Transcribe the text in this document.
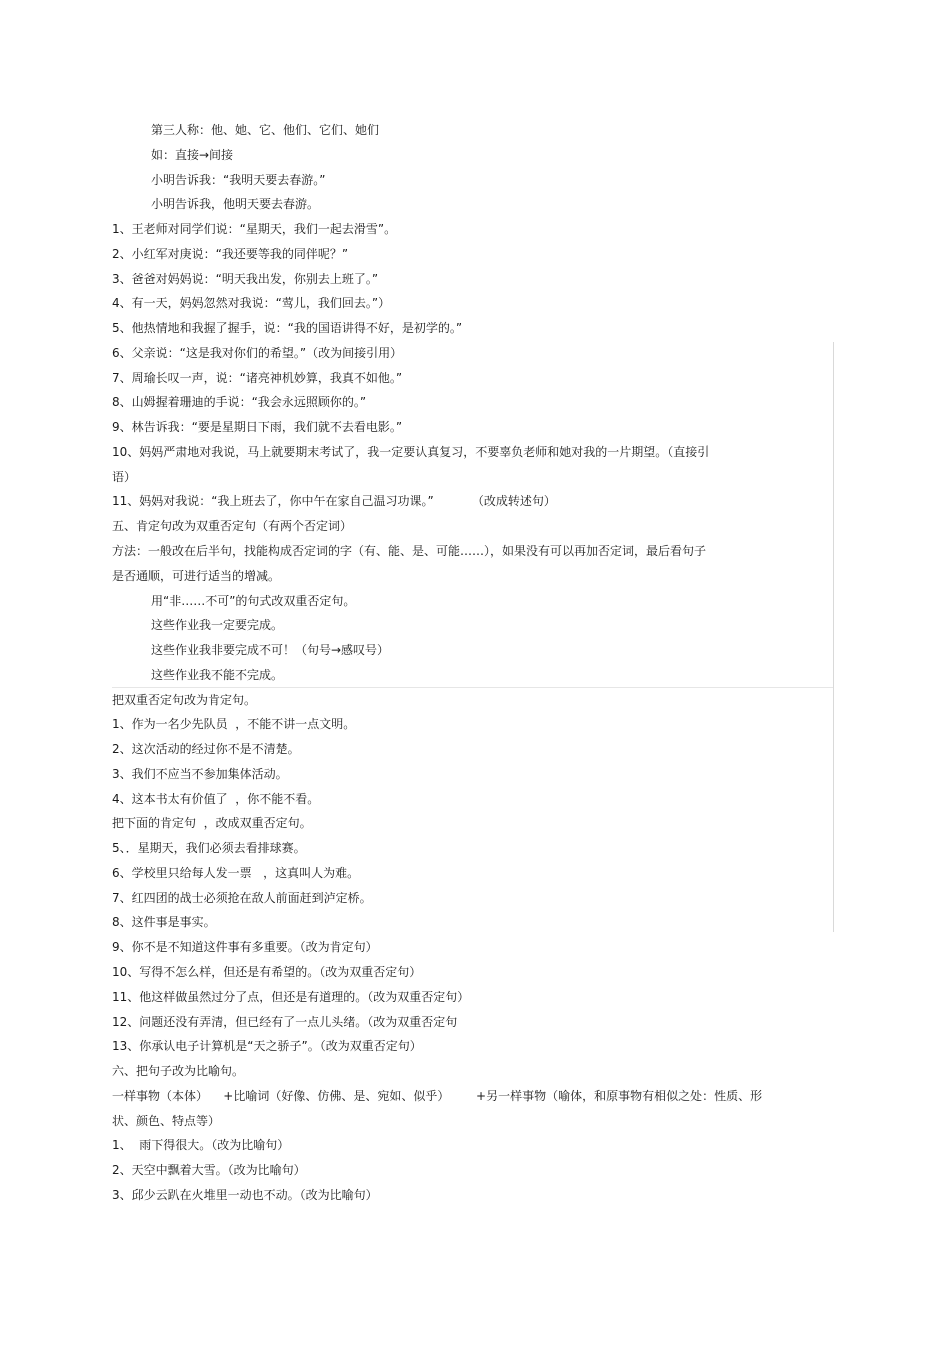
第三人称：他、她、它、他们、它们、她们
如：直接→间接
小明告诉我：“我明天要去春游。”
小明告诉我，他明天要去春游。
1、王老师对同学们说：“星期天，我们一起去滑雪”。
2、小红军对庚说：“我还要等我的同伴呢？”
3、爸爸对妈妈说：“明天我出发，你别去上班了。”
4、有一天，妈妈忽然对我说：“莺儿，我们回去。”）
5、他热情地和我握了握手，说：“我的国语讲得不好，是初学的。”
6、父亲说：“这是我对你们的希望。”（改为间接引用）
7、周瑜长叹一声，说：“诸亮神机妙算，我真不如他。”
8、山姆握着珊迪的手说：“我会永远照顾你的。”
9、林告诉我：“要是星期日下雨，我们就不去看电影。”
10、妈妈严肃地对我说，马上就要期末考试了，我一定要认真复习，不要辜负老师和她对我的一片期望。（直接引
语）
11、妈妈对我说：“我上班去了，你中午在家自己温习功课。”          （改成转述句）
五、肯定句改为双重否定句（有两个否定词）
方法：一般改在后半句，找能构成否定词的字（有、能、是、可能……），如果没有可以再加否定词，最后看句子
是否通顺，可进行适当的增减。
用“非……不可”的句式改双重否定句。
这些作业我一定要完成。
这些作业我非要完成不可！（句号→感叹号）
这些作业我不能不完成。
把双重否定句改为肯定句。
1、作为一名少先队员  ，不能不讲一点文明。
2、这次活动的经过你不是不清楚。
3、我们不应当不参加集体活动。
4、这本书太有价值了  ，你不能不看。
把下面的肯定句  ，改成双重否定句。
5、．星期天，我们必须去看排球赛。
6、学校里只给每人发一票   ，这真叫人为难。
7、红四团的战士必须抢在敌人前面赶到泸定桥。
8、这件事是事实。
9、你不是不知道这件事有多重要。（改为肯定句）
10、写得不怎么样，但还是有希望的。（改为双重否定句）
11、他这样做虽然过分了点，但还是有道理的。（改为双重否定句）
12、问题还没有弄清，但已经有了一点儿头绪。（改为双重否定句
13、你承认电子计算机是“天之骄子”。（改为双重否定句）
六、把句子改为比喻句。
一样事物（本体）    +比喻词（好像、仿佛、是、宛如、似乎）       +另一样事物（喻体，和原事物有相似之处：性质、形
状、颜色、特点等）
1、  雨下得很大。（改为比喻句）
2、天空中飘着大雪。（改为比喻句）
3、邱少云趴在火堆里一动也不动。（改为比喻句）
